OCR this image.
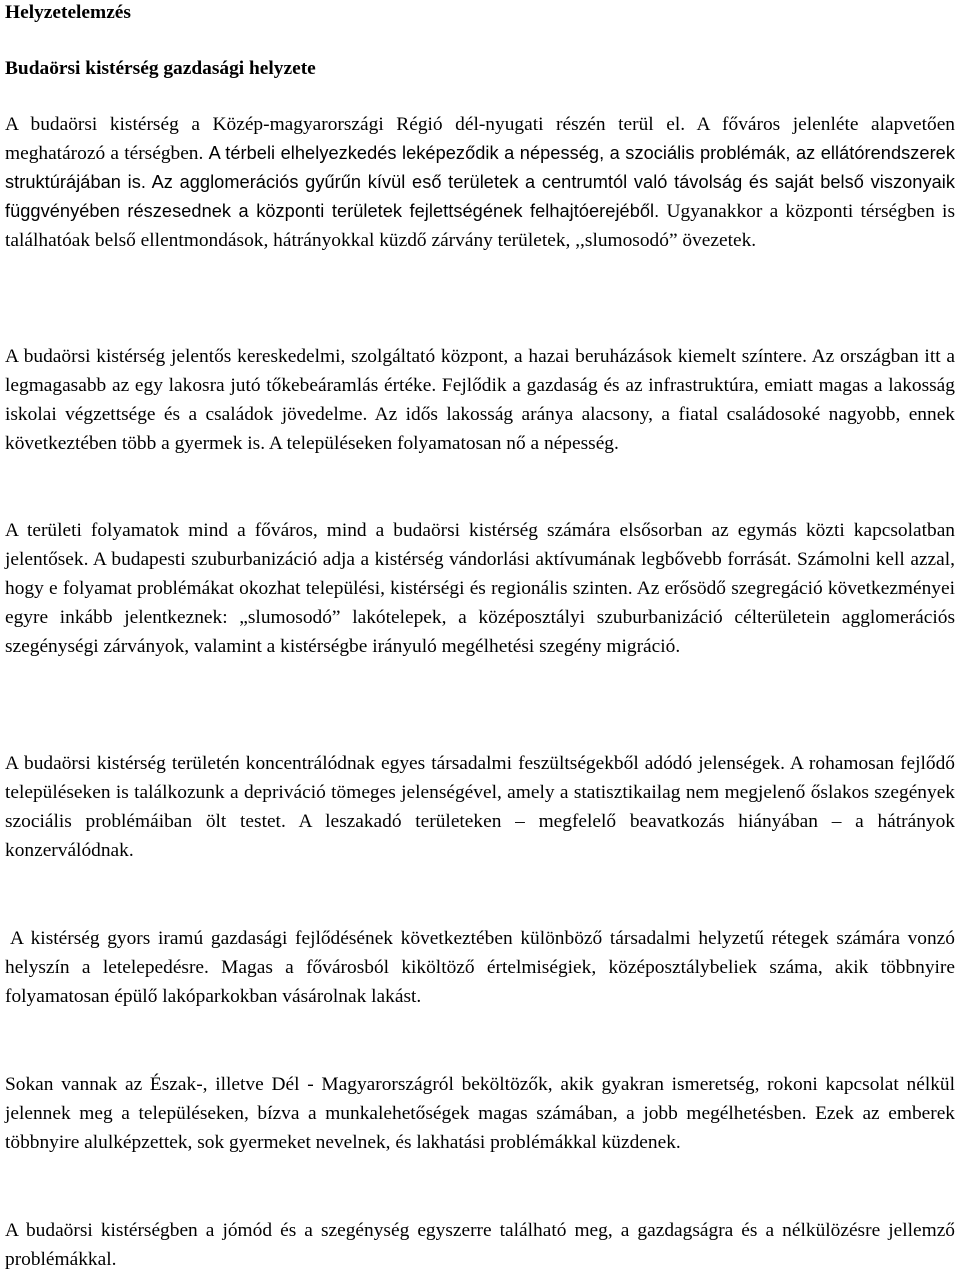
Helyzetelemzés
Budaörsi kistérség gazdasági helyzete

A budaörsi kistérség a Közép-magyarországi Régió dél-nyugati részén terül el. A főváros jelenléte alapvetően meghatározó a térségben. A térbeli elhelyezkedés leképeződik a népesség, a szociális problémák, az ellátórendszerek struktúrájában is. Az agglomerációs gyűrűn kívül eső területek a centrumtól való távolság és saját belső viszonyaik függvényében részesednek a központi területek fejlettségének felhajtóerejéből. Ugyanakkor a központi térségben is találhatóak belső ellentmondások, hátrányokkal küzdő zárvány területek, ,,slumosodó” övezetek.

A budaörsi kistérség jelentős kereskedelmi, szolgáltató központ, a hazai beruházások kiemelt színtere. Az országban itt a legmagasabb az egy lakosra jutó tőkebeáramlás értéke. Fejlődik a gazdaság és az infrastruktúra, emiatt magas a lakosság iskolai végzettsége és a családok jövedelme. Az idős lakosság aránya alacsony, a fiatal családosoké nagyobb, ennek következtében több a gyermek is. A településeken folyamatosan nő a népesség.

A területi folyamatok mind a főváros, mind a budaörsi kistérség számára elsősorban az egymás közti kapcsolatban jelentősek. A budapesti szuburbanizáció adja a kistérség vándorlási aktívumának legbővebb forrását. Számolni kell azzal, hogy e folyamat problémákat okozhat települési, kistérségi és regionális szinten. Az erősödő szegregáció következményei egyre inkább jelentkeznek: „slumosodó” lakótelepek, a középosztályi szuburbanizáció célterületein agglomerációs szegénységi zárványok, valamint a kistérségbe irányuló megélhetési szegény migráció.

A budaörsi kistérség területén koncentrálódnak egyes társadalmi feszültségekből adódó jelenségek. A rohamosan fejlődő településeken is találkozunk a depriváció tömeges jelenségével, amely a statisztikailag nem megjelenő őslakos szegények szociális problémáiban ölt testet. A leszakadó területeken – megfelelő beavatkozás hiányában – a hátrányok konzerválódnak.

A kistérség gyors iramú gazdasági fejlődésének következtében különböző társadalmi helyzetű rétegek számára vonzó helyszín a letelepedésre. Magas a fővárosból kiköltöző értelmiségiek, középosztálybeliek száma, akik többnyire folyamatosan épülő lakóparkokban vásárolnak lakást.

Sokan vannak az Észak-, illetve Dél - Magyarországról beköltözők, akik gyakran ismeretség, rokoni kapcsolat nélkül jelennek meg a településeken, bízva a munkalehetőségek magas számában, a jobb megélhetésben. Ezek az emberek többnyire alulképzettek, sok gyermeket nevelnek, és lakhatási problémákkal küzdenek.

A budaörsi kistérségben a jómód és a szegénység egyszerre található meg, a gazdagságra és a nélkülözésre jellemző problémákkal.
